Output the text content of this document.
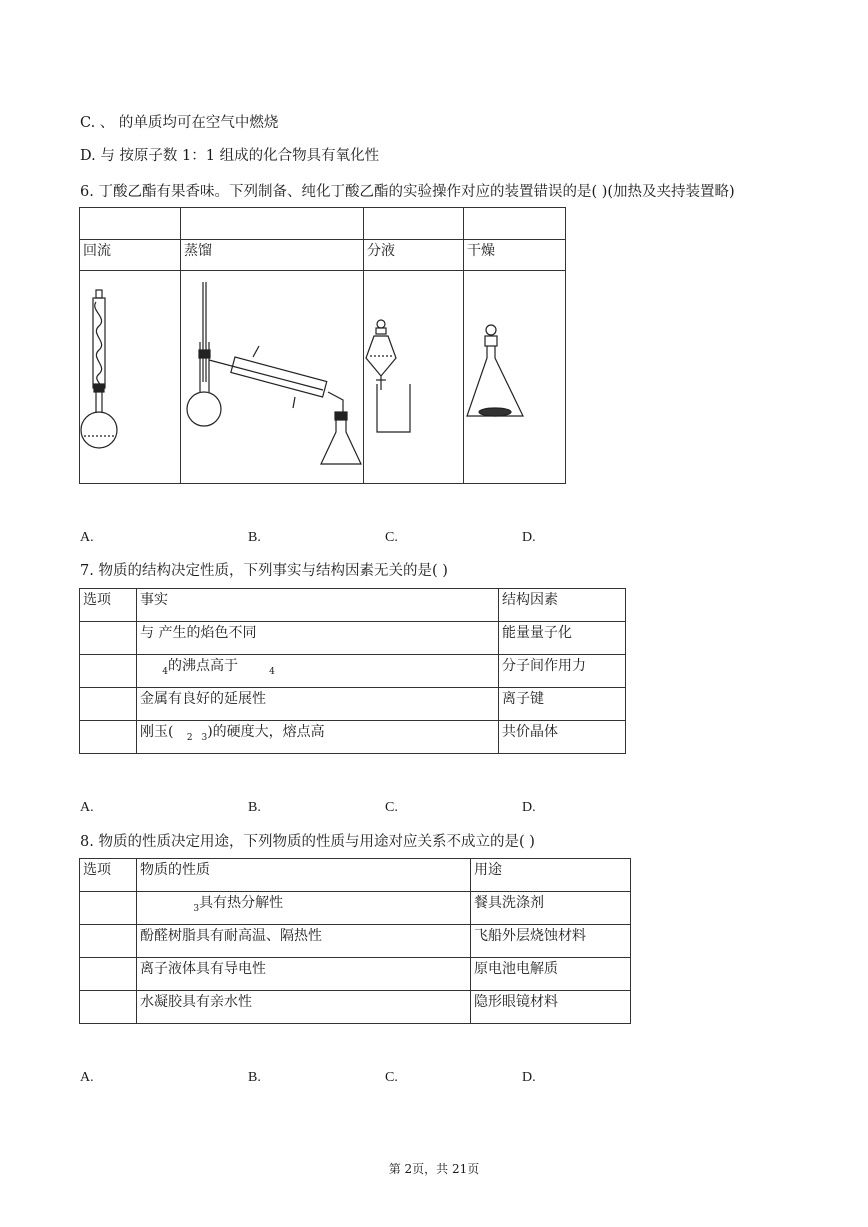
C. 、 的单质均可在空气中燃烧
D. 与 按原子数 1：1 组成的化合物具有氧化性
6. 丁酸乙酯有果香味。下列制备、纯化丁酸乙酯的实验操作对应的装置错误的是( )(加热及夹持装置略)

回流	蒸馏	分液	干燥

A.	B.	C.	D.
7. 物质的结构决定性质，下列事实与结构因素无关的是( )
选项	事实	结构因素
	与 产生的焰色不同	能量量子化
	$_4$的沸点高于 $_4$	分子间作用力
	金属有良好的延展性	离子键
	刚玉( $_2$ $_3$)的硬度大，熔点高	共价晶体
A.	B.	C.	D.
8. 物质的性质决定用途，下列物质的性质与用途对应关系不成立的是( )
选项	物质的性质	用途
	$_3$具有热分解性	餐具洗涤剂
	酚醛树脂具有耐高温、隔热性	飞船外层烧蚀材料
	离子液体具有导电性	原电池电解质
	水凝胶具有亲水性	隐形眼镜材料
A.	B.	C.	D.
第 2页，共 21页
